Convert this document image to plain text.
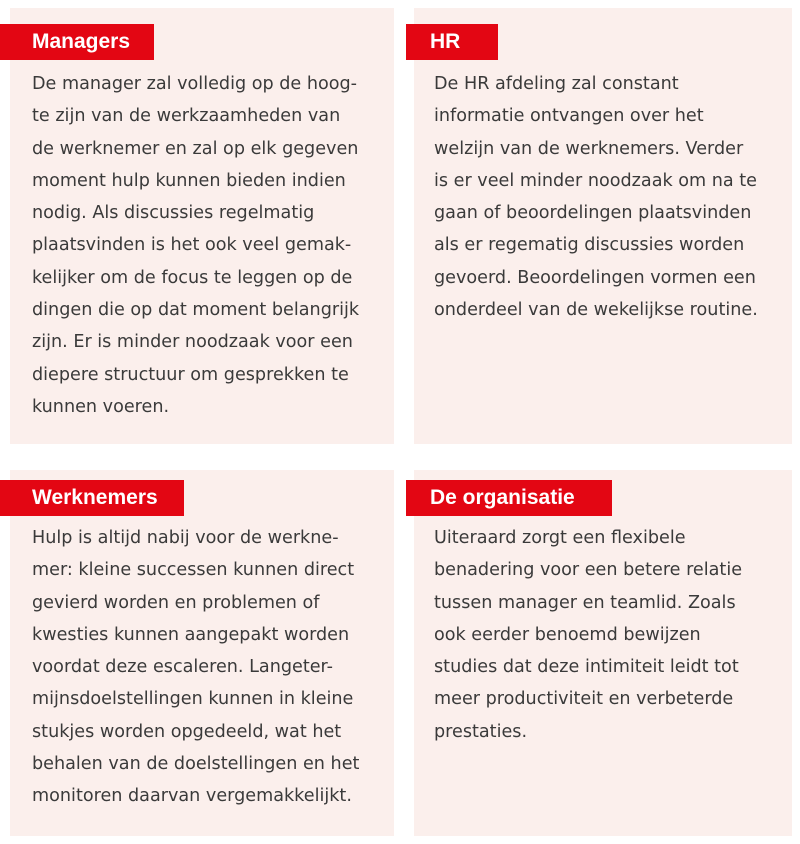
Managers
De manager zal volledig op de hoog-
te zijn van de werkzaamheden van
de werknemer en zal op elk gegeven
moment hulp kunnen bieden indien
nodig. Als discussies regelmatig
plaatsvinden is het ook veel gemak-
kelijker om de focus te leggen op de
dingen die op dat moment belangrijk
zijn. Er is minder noodzaak voor een
diepere structuur om gesprekken te
kunnen voeren.
HR
De HR afdeling zal constant
informatie ontvangen over het
welzijn van de werknemers. Verder
is er veel minder noodzaak om na te
gaan of beoordelingen plaatsvinden
als er regematig discussies worden
gevoerd. Beoordelingen vormen een
onderdeel van de wekelijkse routine.
Werknemers
Hulp is altijd nabij voor de werkne-
mer: kleine successen kunnen direct
gevierd worden en problemen of
kwesties kunnen aangepakt worden
voordat deze escaleren. Langeter-
mijnsdoelstellingen kunnen in kleine
stukjes worden opgedeeld, wat het
behalen van de doelstellingen en het
monitoren daarvan vergemakkelijkt.
De organisatie
Uiteraard zorgt een flexibele
benadering voor een betere relatie
tussen manager en teamlid. Zoals
ook eerder benoemd bewijzen
studies dat deze intimiteit leidt tot
meer productiviteit en verbeterde
prestaties.
